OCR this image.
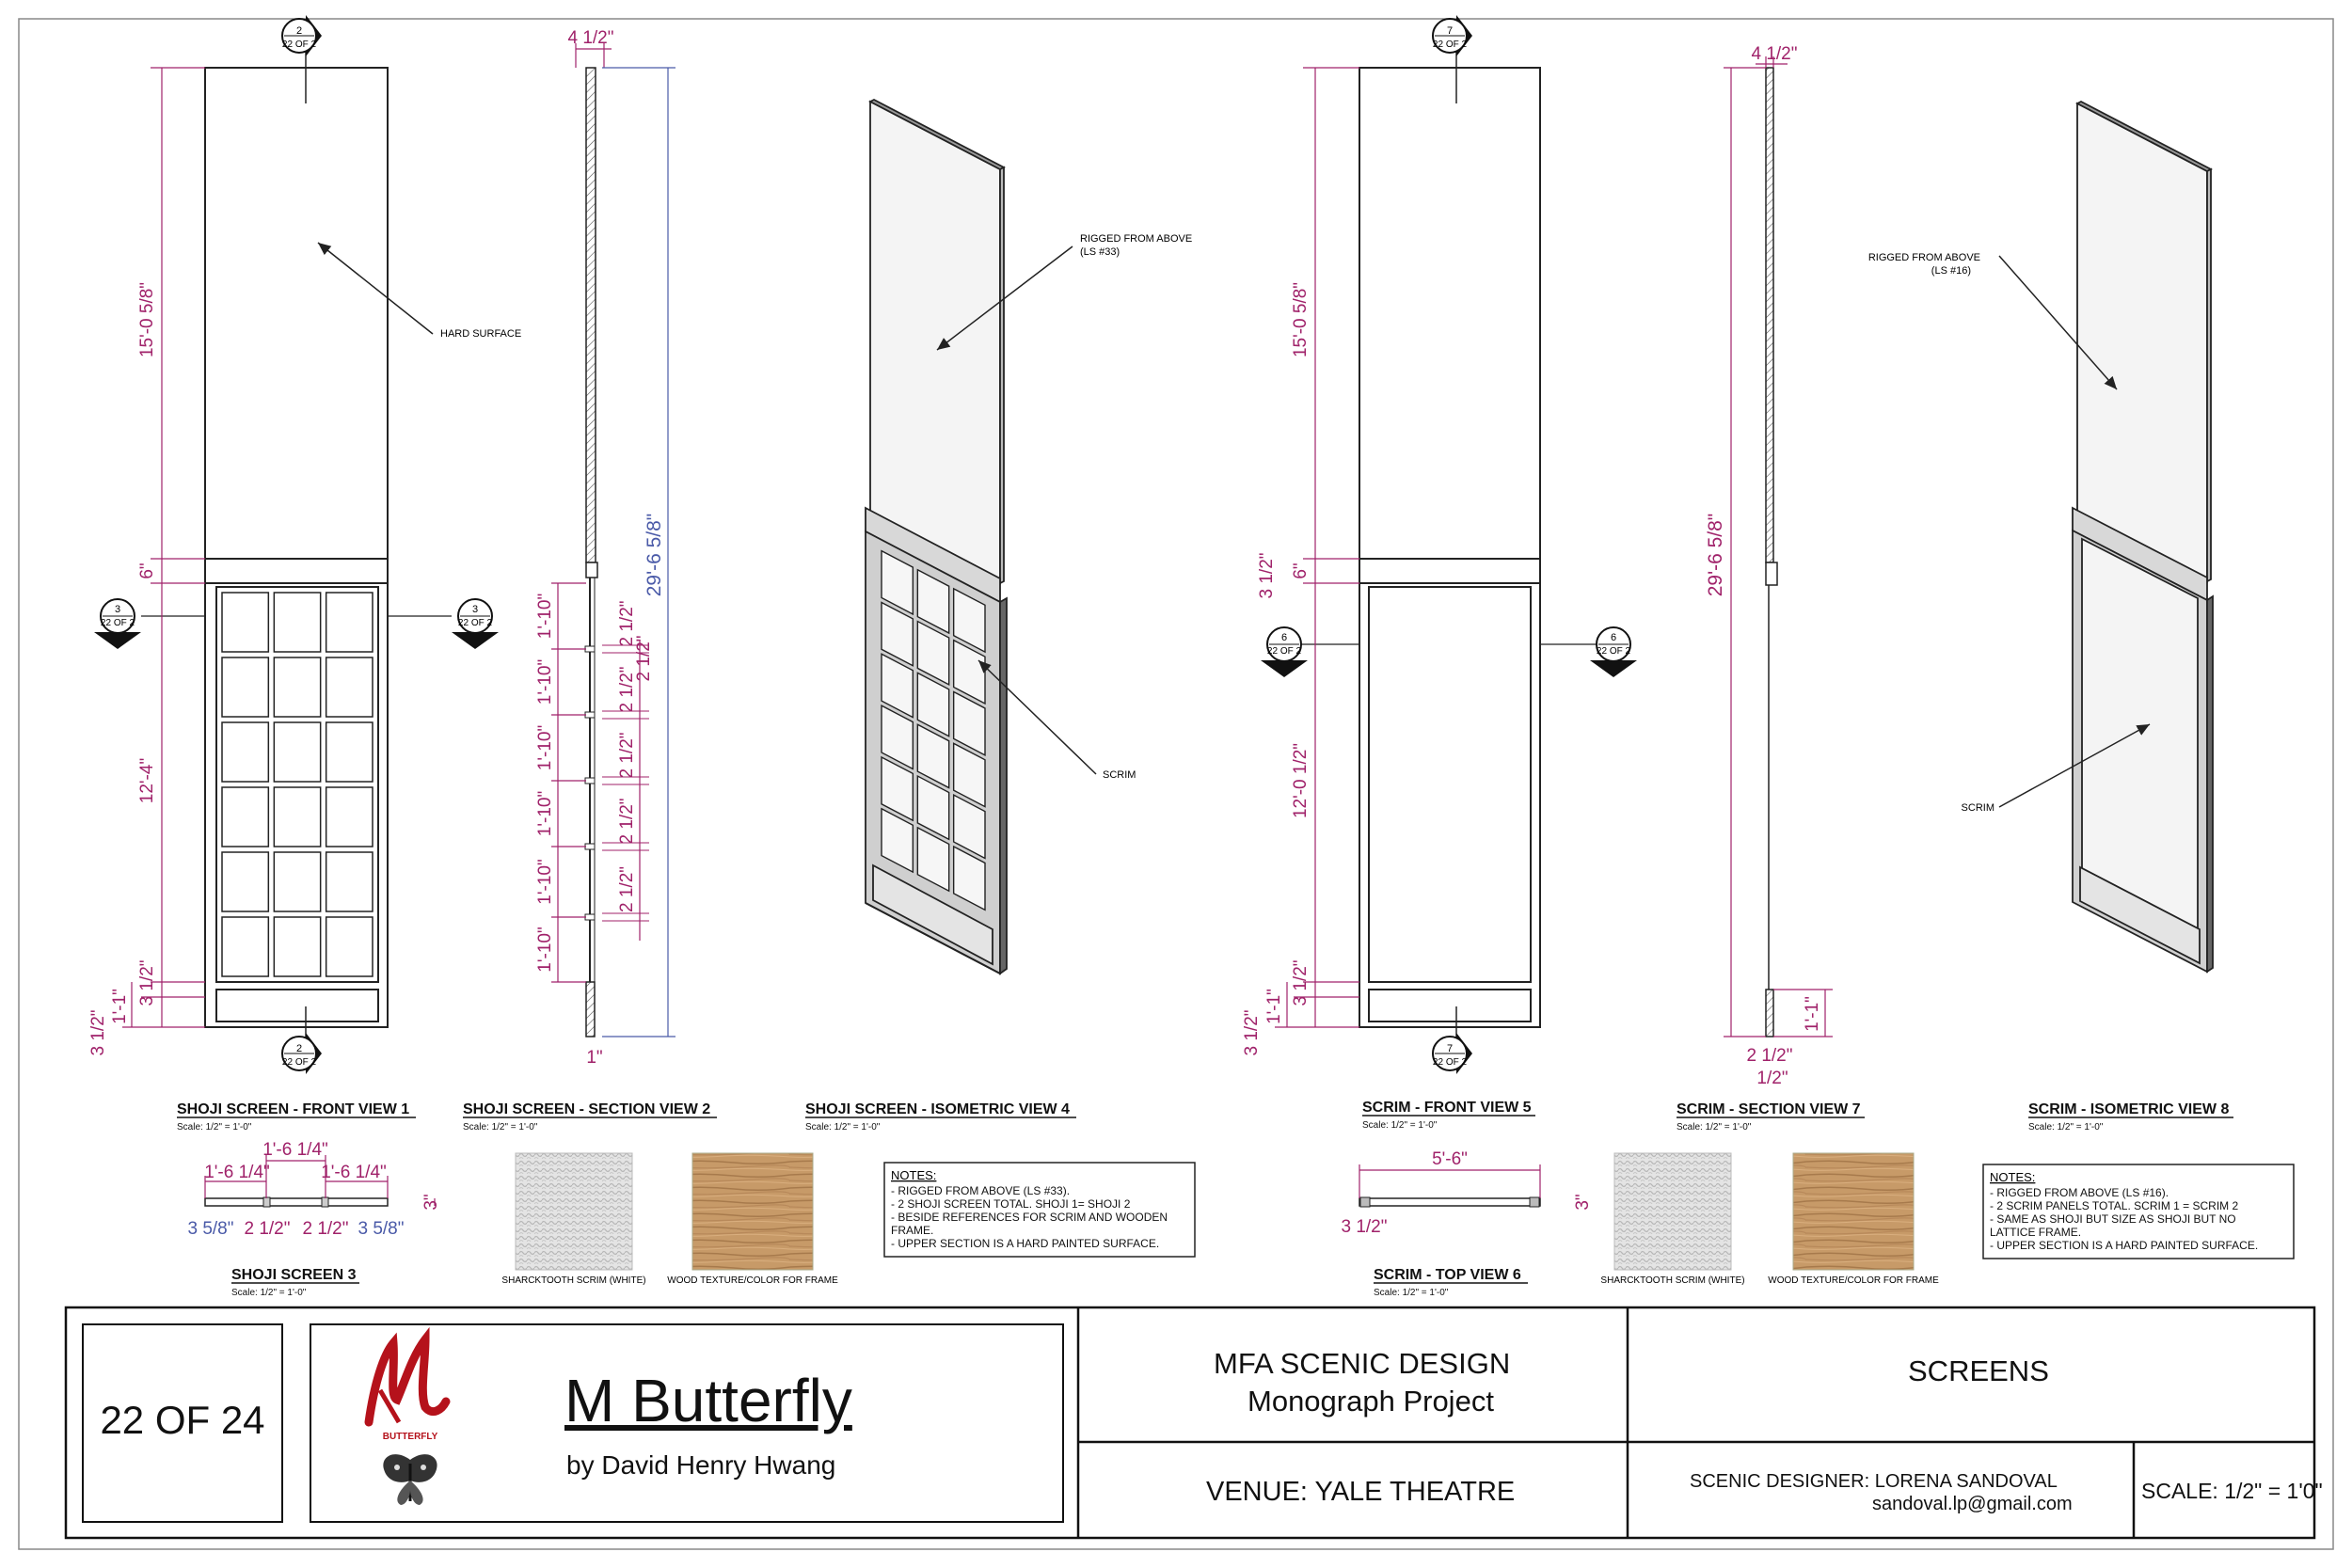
HARD SURFACE
15'-0 5/8"
6"
12'-4"
3 1/2"
1'-1"
3 1/2"
2
22 OF 2
2
22 OF 2
3
22 OF 2
3
22 OF 2
4 1/2"
29'-6 5/8"
1'-10"	2 1/2"
1'-10"	2 1/2"
1'-10"	2 1/2"
1'-10"	2 1/2"
1'-10"	2 1/2"
1'-10"
2 1/2"
1"
RIGGED FROM ABOVE
(LS #33)
SCRIM
15'-0 5/8"
3 1/2" 6"
12'-0 1/2"
3 1/2"
1'-1"
3 1/2"
7
22 OF 2
7
22 OF 2
6
22 OF 2
6
22 OF 2
4 1/2"
29'-6 5/8"
1'-1"
2 1/2"
1/2"
RIGGED FROM ABOVE
(LS #16)
SCRIM
SHOJI SCREEN - FRONT VIEW 1
Scale: 1/2" = 1'-0"
SHOJI SCREEN - SECTION VIEW 2
Scale: 1/2" = 1'-0"
SHOJI SCREEN - ISOMETRIC VIEW 4
Scale: 1/2" = 1'-0"
SCRIM - FRONT VIEW 5
Scale: 1/2" = 1'-0"
SCRIM - SECTION VIEW 7
Scale: 1/2" = 1'-0"
SCRIM - ISOMETRIC VIEW 8
Scale: 1/2" = 1'-0"
SHOJI SCREEN 3
Scale: 1/2" = 1'-0"
SCRIM - TOP VIEW 6
Scale: 1/2" = 1'-0"
1'-6 1/4"
1'-6 1/4"	1'-6 1/4"
3"
3 5/8" 2 1/2" 2 1/2" 3 5/8"
SHARCKTOOTH SCRIM (WHITE) WOOD TEXTURE/COLOR FOR FRAME
NOTES:
- RIGGED FROM ABOVE (LS #33).
- 2 SHOJI SCREEN TOTAL. SHOJI 1= SHOJI 2
- BESIDE REFERENCES FOR SCRIM AND WOODEN
FRAME.
- UPPER SECTION IS A HARD PAINTED SURFACE.
5'-6"
3"
3 1/2"
SHARCKTOOTH SCRIM (WHITE) WOOD TEXTURE/COLOR FOR FRAME
NOTES:
- RIGGED FROM ABOVE (LS #16).
- 2 SCRIM PANELS TOTAL. SCRIM 1 = SCRIM 2
- SAME AS SHOJI BUT SIZE AS SHOJI BUT NO
LATTICE FRAME.
- UPPER SECTION IS A HARD PAINTED SURFACE.
BUTTERFLY
22 OF 24	M Butterfly
by David Henry Hwang
MFA SCENIC DESIGN
Monograph Project
SCREENS
VENUE: YALE THEATRE	SCENIC DESIGNER: LORENA SANDOVAL
sandoval.lp@gmail.com
SCALE: 1/2" = 1'0"
